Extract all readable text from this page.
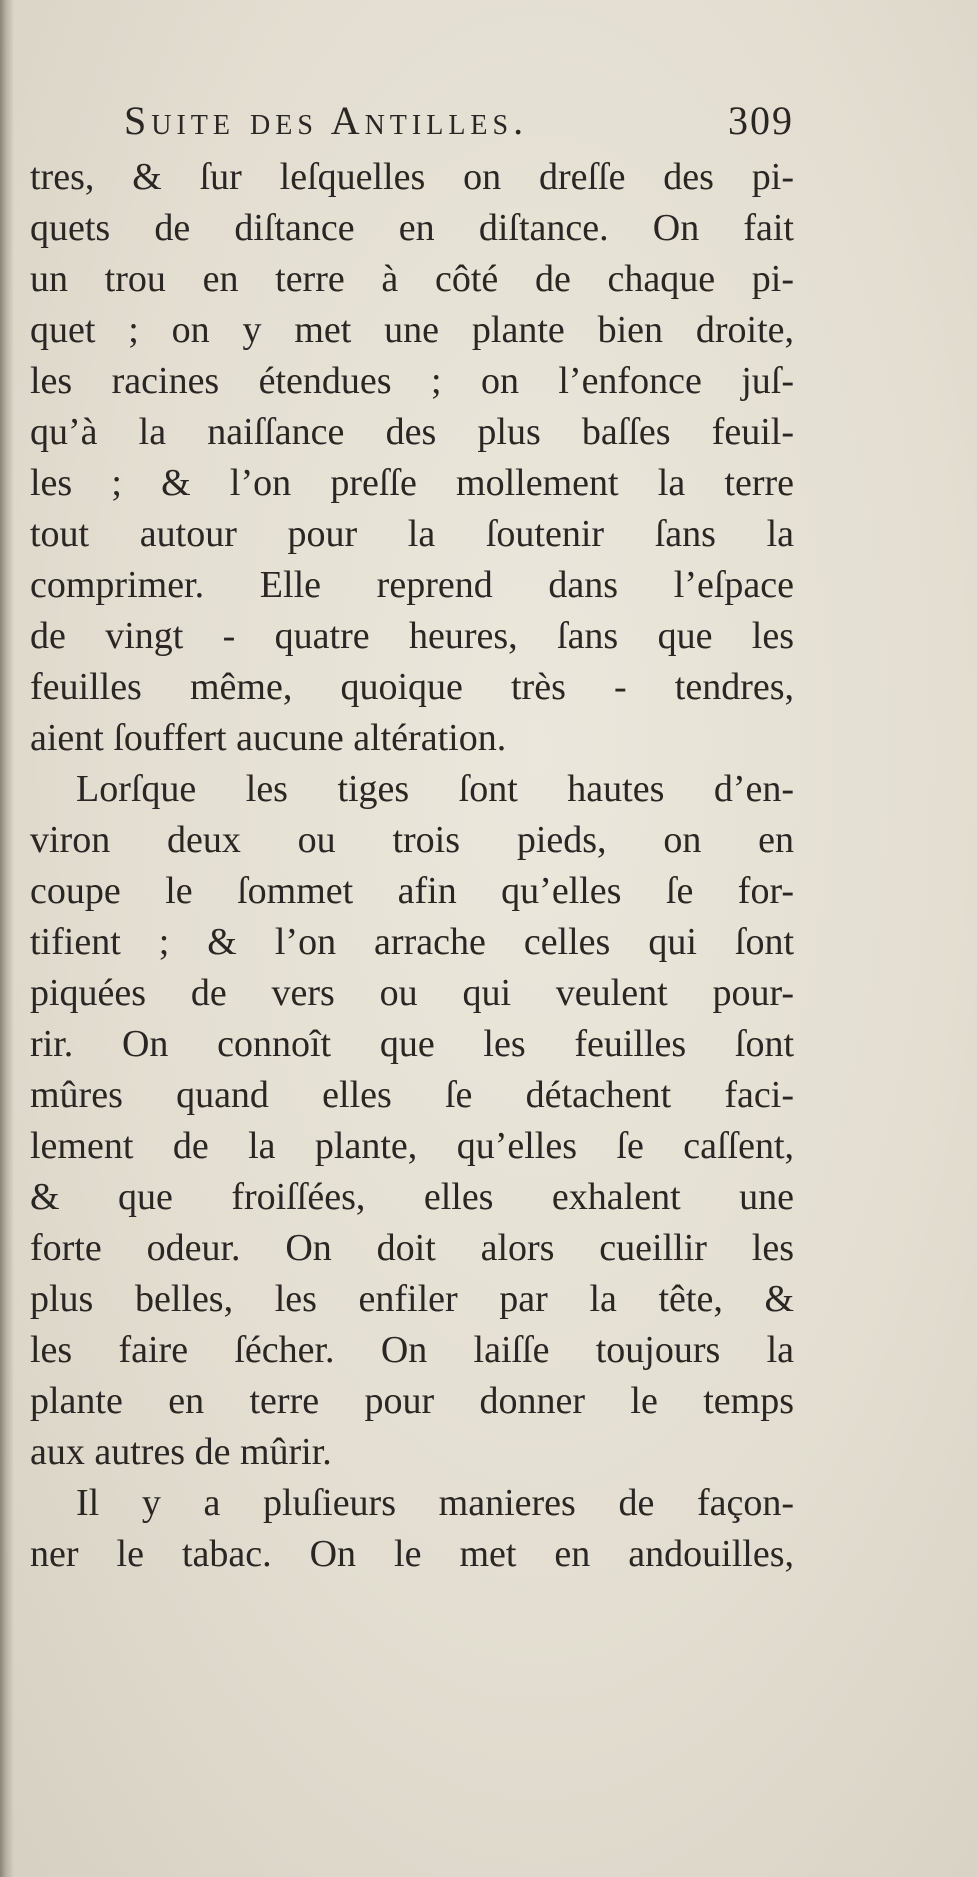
Suite des Antilles.	309
tres, & ſur leſquelles on dreſſe des pi-
quets de diſtance en diſtance. On fait
un trou en terre à côté de chaque pi-
quet ; on y met une plante bien droite,
les racines étendues ; on l’enfonce juſ-
qu’à la naiſſance des plus baſſes feuil-
les ; & l’on preſſe mollement la terre
tout autour pour la ſoutenir ſans la
comprimer. Elle reprend dans l’eſpace
de vingt - quatre heures, ſans que les
feuilles même, quoique très - tendres,
aient ſouffert aucune altération.
Lorſque les tiges ſont hautes d’en-
viron deux ou trois pieds, on en
coupe le ſommet afin qu’elles ſe for-
tifient ; & l’on arrache celles qui ſont
piquées de vers ou qui veulent pour-
rir. On connoît que les feuilles ſont
mûres quand elles ſe détachent faci-
lement de la plante, qu’elles ſe caſſent,
& que froiſſées, elles exhalent une
forte odeur. On doit alors cueillir les
plus belles, les enfiler par la tête, &
les faire ſécher. On laiſſe toujours la
plante en terre pour donner le temps
aux autres de mûrir.
Il y a pluſieurs manieres de façon-
ner le tabac. On le met en andouilles,
